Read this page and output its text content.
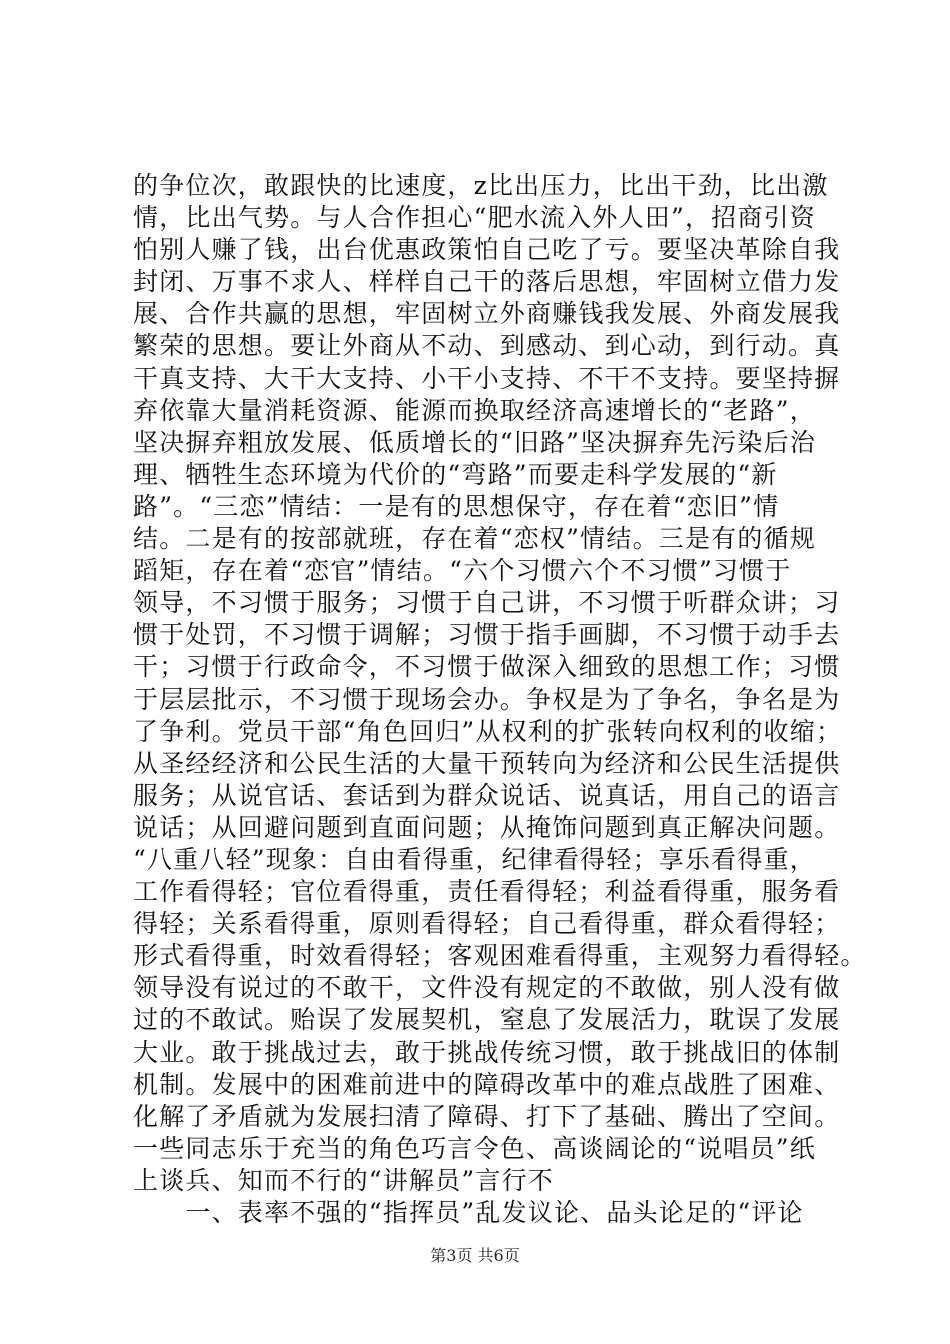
的争位次，敢跟快的比速度，z比出压力，比出干劲，比出激
情，比出气势。与人合作担心“肥水流入外人田”，招商引资
怕别人赚了钱，出台优惠政策怕自己吃了亏。要坚决革除自我
封闭、万事不求人、样样自己干的落后思想，牢固树立借力发
展、合作共赢的思想，牢固树立外商赚钱我发展、外商发展我
繁荣的思想。要让外商从不动、到感动、到心动，到行动。真
干真支持、大干大支持、小干小支持、不干不支持。要坚持摒
弃依靠大量消耗资源、能源而换取经济高速增长的“老路”，
坚决摒弃粗放发展、低质增长的“旧路”坚决摒弃先污染后治
理、牺牲生态环境为代价的“弯路”而要走科学发展的“新
路”。“三恋”情结：一是有的思想保守，存在着“恋旧”情
结。二是有的按部就班，存在着“恋权”情结。三是有的循规
蹈矩，存在着“恋官”情结。“六个习惯六个不习惯”习惯于
领导，不习惯于服务；习惯于自己讲，不习惯于听群众讲；习
惯于处罚，不习惯于调解；习惯于指手画脚，不习惯于动手去
干；习惯于行政命令，不习惯于做深入细致的思想工作；习惯
于层层批示，不习惯于现场会办。争权是为了争名，争名是为
了争利。党员干部“角色回归”从权利的扩张转向权利的收缩；
从圣经经济和公民生活的大量干预转向为经济和公民生活提供
服务；从说官话、套话到为群众说话、说真话，用自己的语言
说话；从回避问题到直面问题；从掩饰问题到真正解决问题。
“八重八轻”现象：自由看得重，纪律看得轻；享乐看得重，
工作看得轻；官位看得重，责任看得轻；利益看得重，服务看
得轻；关系看得重，原则看得轻；自己看得重，群众看得轻；
形式看得重，时效看得轻；客观困难看得重，主观努力看得轻。
领导没有说过的不敢干，文件没有规定的不敢做，别人没有做
过的不敢试。贻误了发展契机，窒息了发展活力，耽误了发展
大业。敢于挑战过去，敢于挑战传统习惯，敢于挑战旧的体制
机制。发展中的困难前进中的障碍改革中的难点战胜了困难、
化解了矛盾就为发展扫清了障碍、打下了基础、腾出了空间。
一些同志乐于充当的角色巧言令色、高谈阔论的“说唱员”纸
上谈兵、知而不行的“讲解员”言行不
　　一、表率不强的“指挥员”乱发议论、品头论足的“评论
第3页 共6页
